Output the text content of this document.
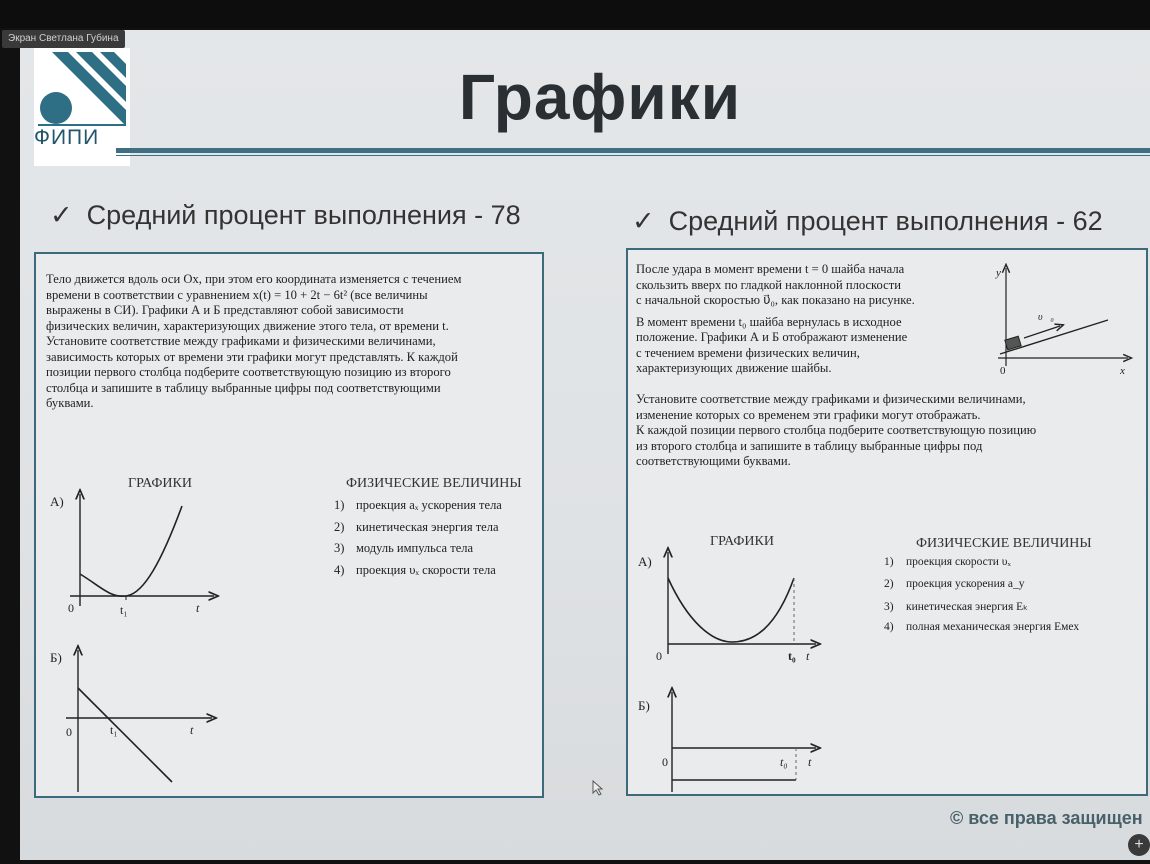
ФИПИ
Графики
✓ Средний процент выполнения - 78
Тело движется вдоль оси Ox, при этом его координата изменяется с течением
времени в соответствии с уравнением x(t) = 10 + 2t − 6t² (все величины
выражены в СИ). Графики А и Б представляют собой зависимости
физических величин, характеризующих движение этого тела, от времени t.
Установите соответствие между графиками и физическими величинами,
зависимость которых от времени эти графики могут представлять. К каждой
позиции первого столбца подберите соответствующую позицию из второго
столбца и запишите в таблицу выбранные цифры под соответствующими
буквами.
ГРАФИКИ	ФИЗИЧЕСКИЕ ВЕЛИЧИНЫ
1) проекция aₓ ускорения тела
2) кинетическая энергия тела
3) модуль импульса тела
4) проекция υₓ скорости тела
А)
0	t₁	t
Б)
0	t₁	t
✓ Средний процент выполнения - 62
После удара в момент времени t = 0 шайба начала
скользить вверх по гладкой наклонной плоскости
с начальной скоростью υ⃗₀, как показано на рисунке.
В момент времени t₀ шайба вернулась в исходное
положение. Графики А и Б отображают изменение
с течением времени физических величин,
характеризующих движение шайбы.
Установите соответствие между графиками и физическими величинами,
изменение которых со временем эти графики могут отображать.
К каждой позиции первого столбца подберите соответствующую позицию
из второго столбца и запишите в таблицу выбранные цифры под
соответствующими буквами.
y
x
0
υ⃗₀
ГРАФИКИ	ФИЗИЧЕСКИЕ ВЕЛИЧИНЫ
1) проекция скорости υₓ
2) проекция ускорения a_y
3) кинетическая энергия Eₖ
4) полная механическая энергия Eмех
А)
0	t₀ t
Б)
0	t₀ t
© все права защищен
Экран Светлана Губина
+
